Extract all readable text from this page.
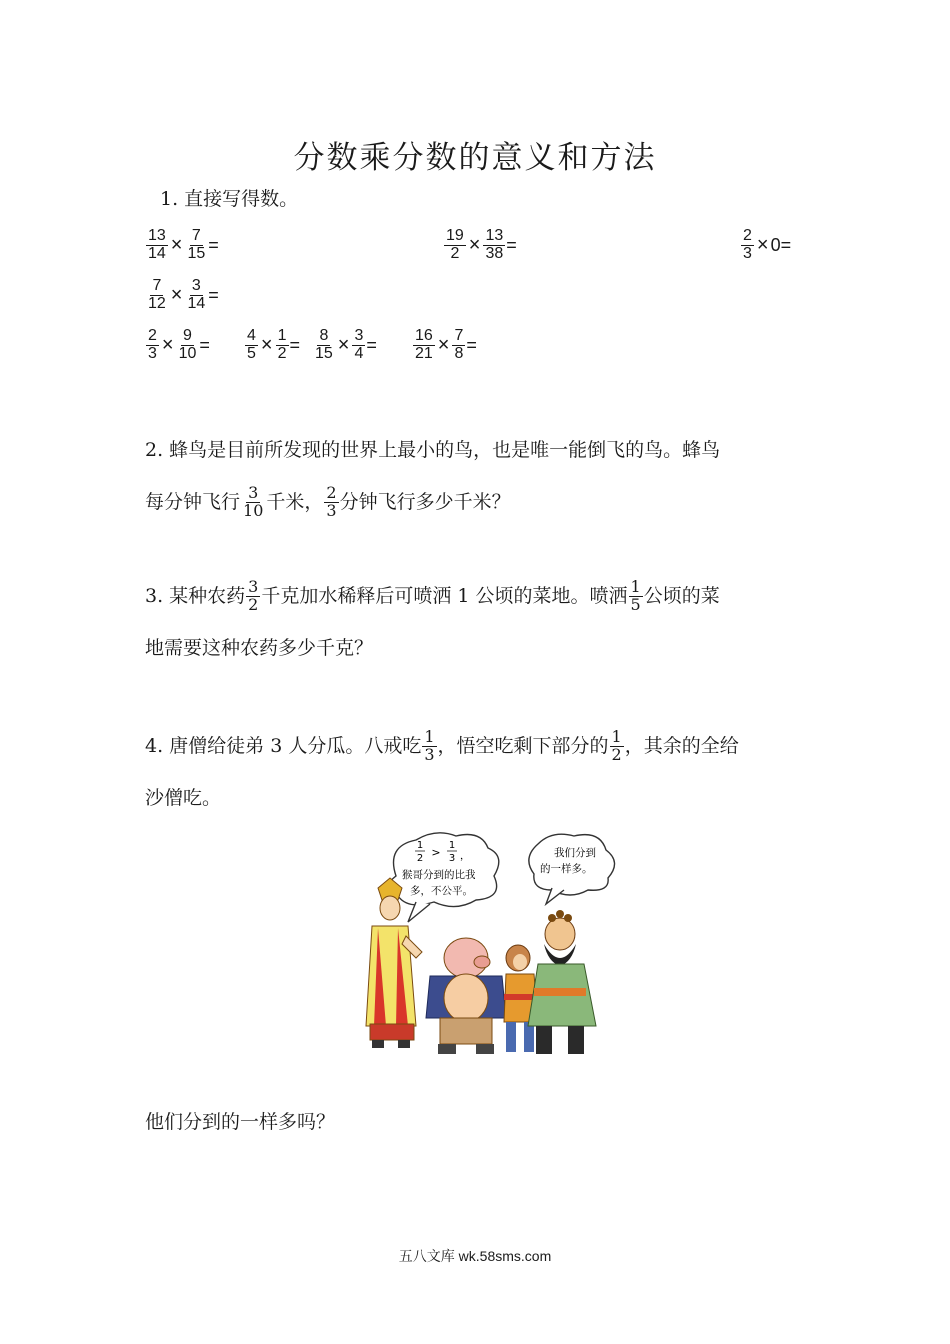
分数乘分数的意义和方法
1. 直接写得数。
$\frac{13}{14} \times \frac{7}{15}$ =	$\frac{19}{2} \times \frac{13}{38}$ =	$\frac{2}{3} \times 0$ =
$\frac{7}{12} \times \frac{3}{14}$ =
$\frac{2}{3} \times \frac{9}{10} = \frac{4}{5} \times \frac{1}{2} = \frac{8}{15} \times \frac{3}{4} = \frac{16}{21} \times \frac{7}{8}$ =
2. 蜂鸟是目前所发现的世界上最小的鸟，也是唯一能倒飞的鸟。蜂鸟
每分钟飞行 $\frac{3}{10}$ 千米， $\frac{2}{3}$ 分钟飞行多少千米？
3. 某种农药 $\frac{3}{2}$ 千克加水稀释后可喷洒 1 公顷的菜地。喷洒 $\frac{1}{5}$ 公顷的菜
地需要这种农药多少千克？
4. 唐僧给徒弟 3 人分瓜。八戒吃 $\frac{1}{3}$ ，悟空吃剩下部分的 $\frac{1}{2}$ ，其余的全给
沙僧吃。
1
2 >
1
3 ，
猴哥分到的比我
多，不公平。
我们分到
的一样多。
他们分到的一样多吗？
五八文库 wk.58sms.com
